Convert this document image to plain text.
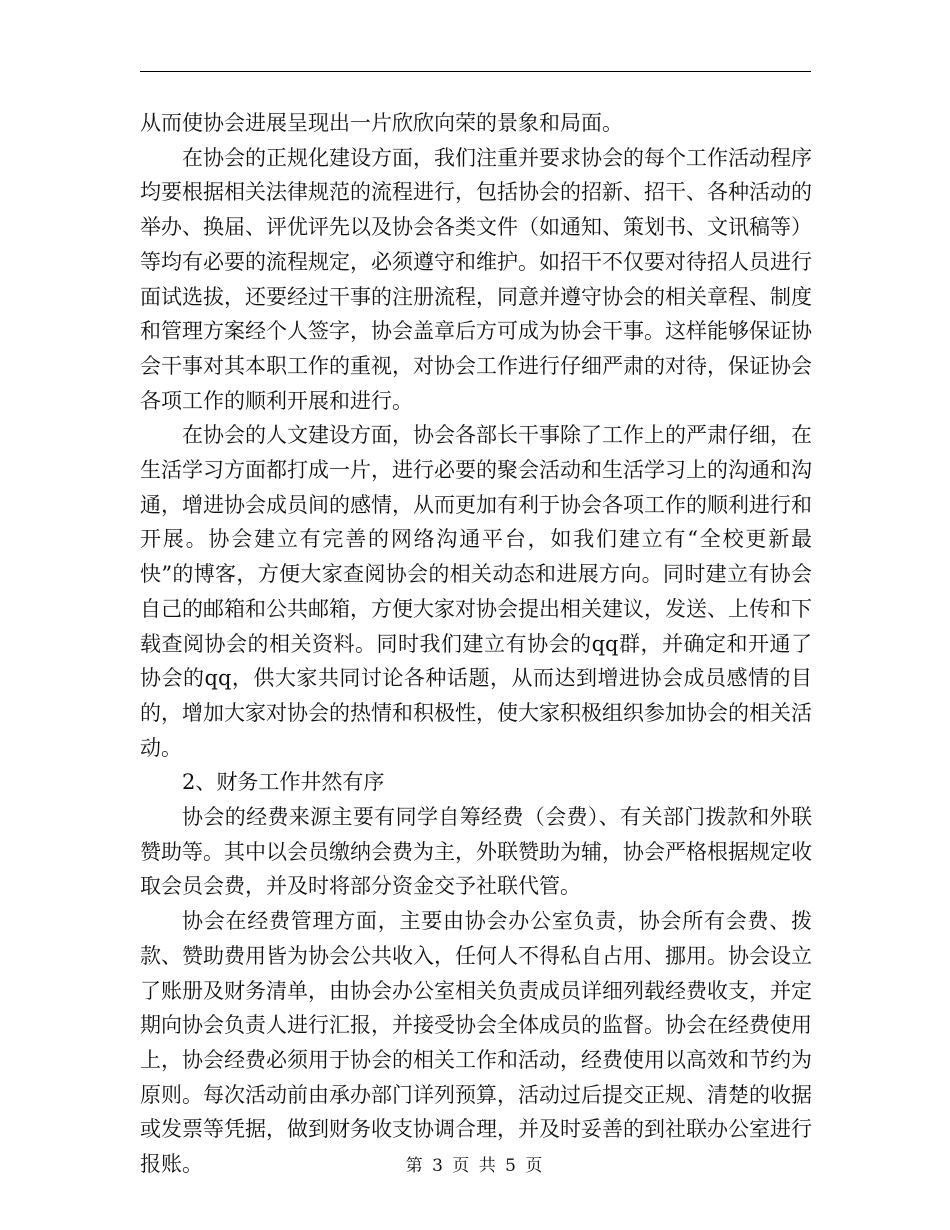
从而使协会进展呈现出一片欣欣向荣的景象和局面。

在协会的正规化建设方面，我们注重并要求协会的每个工作活动程序均要根据相关法律规范的流程进行，包括协会的招新、招干、各种活动的举办、换届、评优评先以及协会各类文件（如通知、策划书、文讯稿等）等均有必要的流程规定，必须遵守和维护。如招干不仅要对待招人员进行面试选拔，还要经过干事的注册流程，同意并遵守协会的相关章程、制度和管理方案经个人签字，协会盖章后方可成为协会干事。这样能够保证协会干事对其本职工作的重视，对协会工作进行仔细严肃的对待，保证协会各项工作的顺利开展和进行。

在协会的人文建设方面，协会各部长干事除了工作上的严肃仔细，在生活学习方面都打成一片，进行必要的聚会活动和生活学习上的沟通和沟通，增进协会成员间的感情，从而更加有利于协会各项工作的顺利进行和开展。协会建立有完善的网络沟通平台，如我们建立有“全校更新最快”的博客，方便大家查阅协会的相关动态和进展方向。同时建立有协会自己的邮箱和公共邮箱，方便大家对协会提出相关建议，发送、上传和下载查阅协会的相关资料。同时我们建立有协会的qq群，并确定和开通了协会的qq，供大家共同讨论各种话题，从而达到增进协会成员感情的目的，增加大家对协会的热情和积极性，使大家积极组织参加协会的相关活动。

2、财务工作井然有序

协会的经费来源主要有同学自筹经费（会费）、有关部门拨款和外联赞助等。其中以会员缴纳会费为主，外联赞助为辅，协会严格根据规定收取会员会费，并及时将部分资金交予社联代管。

协会在经费管理方面，主要由协会办公室负责，协会所有会费、拨款、赞助费用皆为协会公共收入，任何人不得私自占用、挪用。协会设立了账册及财务清单，由协会办公室相关负责成员详细列载经费收支，并定期向协会负责人进行汇报，并接受协会全体成员的监督。协会在经费使用上，协会经费必须用于协会的相关工作和活动，经费使用以高效和节约为原则。每次活动前由承办部门详列预算，活动过后提交正规、清楚的收据或发票等凭据，做到财务收支协调合理，并及时妥善的到社联办公室进行报账。	第 3 页 共 5 页
